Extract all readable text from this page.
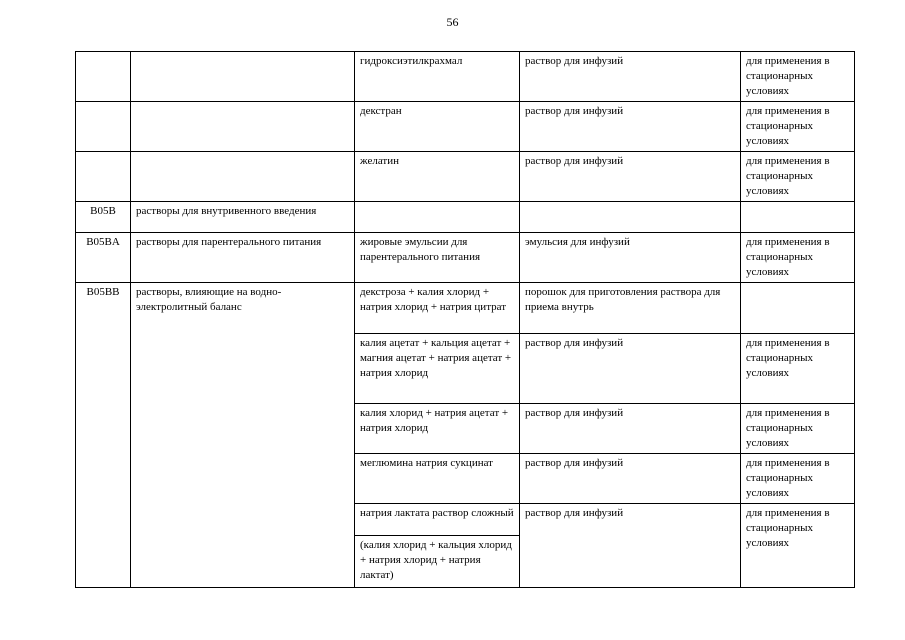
56
		гидроксиэтилкрахмал	раствор для инфузий	для применения в стационарных условиях
		декстран	раствор для инфузий	для применения в стационарных условиях
		желатин	раствор для инфузий	для применения в стационарных условиях
B05B	растворы для внутривенного введения			
B05BA	растворы для парентерального питания	жировые эмульсии для парентерального питания	эмульсия для инфузий	для применения в стационарных условиях
B05BB	растворы, влияющие на водно-электролитный баланс	декстроза + калия хлорид + натрия хлорид + натрия цитрат	порошок для приготовления раствора для приема внутрь	
		калия ацетат + кальция ацетат + магния ацетат + натрия ацетат + натрия хлорид	раствор для инфузий	для применения в стационарных условиях
		калия хлорид + натрия ацетат + натрия хлорид	раствор для инфузий	для применения в стационарных условиях
		меглюмина натрия сукцинат	раствор для инфузий	для применения в стационарных условиях
		натрия лактата раствор сложный	раствор для инфузий	для применения в стационарных условиях
		(калия хлорид + кальция хлорид + натрия хлорид + натрия лактат)		
